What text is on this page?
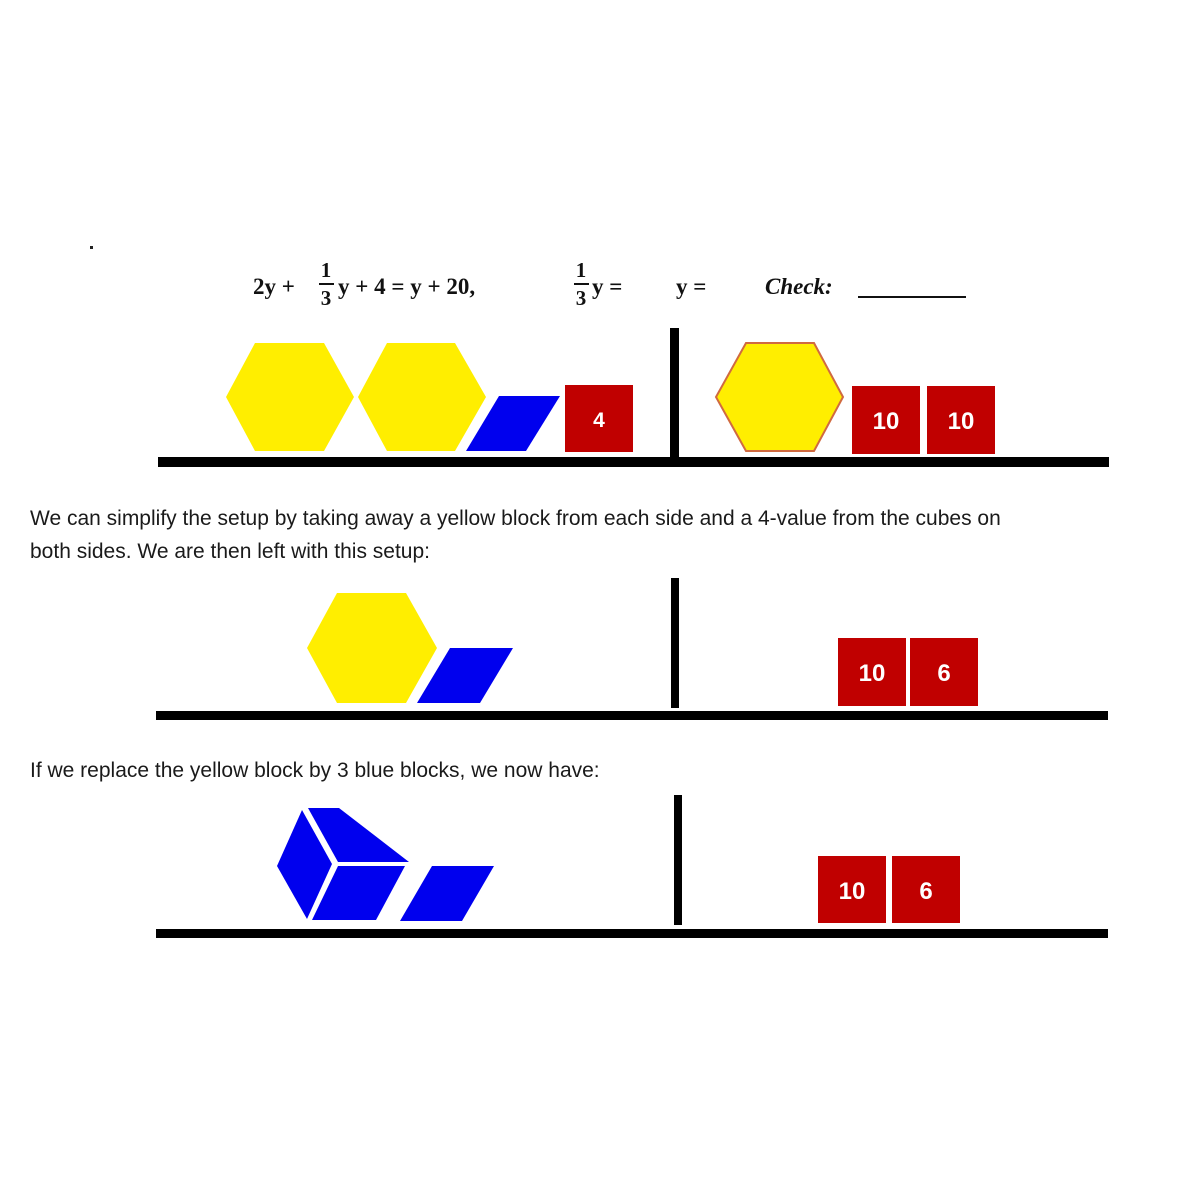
2y +
1
3 y + 4 = y + 20,
1
3 y = y =	Check:
We can simplify the setup by taking away a yellow block from each side and a 4-value from the cubes on
both sides. We are then left with this setup:
If we replace the yellow block by 3 blue blocks, we now have:
4	10 10
10 6
10 6
